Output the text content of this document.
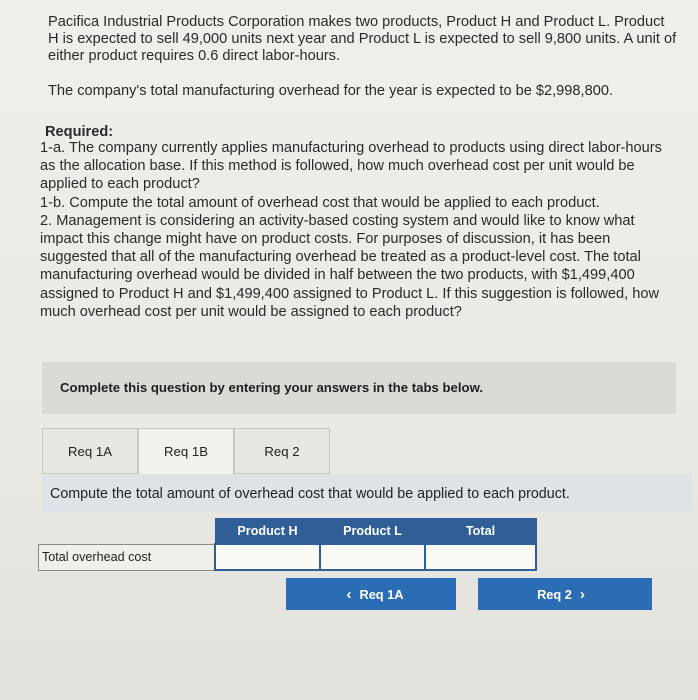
Pacifica Industrial Products Corporation makes two products, Product H and Product L. Product H is expected to sell 49,000 units next year and Product L is expected to sell 9,800 units. A unit of either product requires 0.6 direct labor-hours.

The company's total manufacturing overhead for the year is expected to be $2,998,800.

Required:

1-a. The company currently applies manufacturing overhead to products using direct labor-hours as the allocation base. If this method is followed, how much overhead cost per unit would be applied to each product?

1-b. Compute the total amount of overhead cost that would be applied to each product.

2. Management is considering an activity-based costing system and would like to know what impact this change might have on product costs. For purposes of discussion, it has been suggested that all of the manufacturing overhead be treated as a product-level cost. The total manufacturing overhead would be divided in half between the two products, with $1,499,400 assigned to Product H and $1,499,400 assigned to Product L. If this suggestion is followed, how much overhead cost per unit would be assigned to each product?

Complete this question by entering your answers in the tabs below.
Req 1A	Req 1B	Req 2
Compute the total amount of overhead cost that would be applied to each product.
	Product H	Product L	Total
Total overhead cost			
‹ Req 1A	Req 2 ›
